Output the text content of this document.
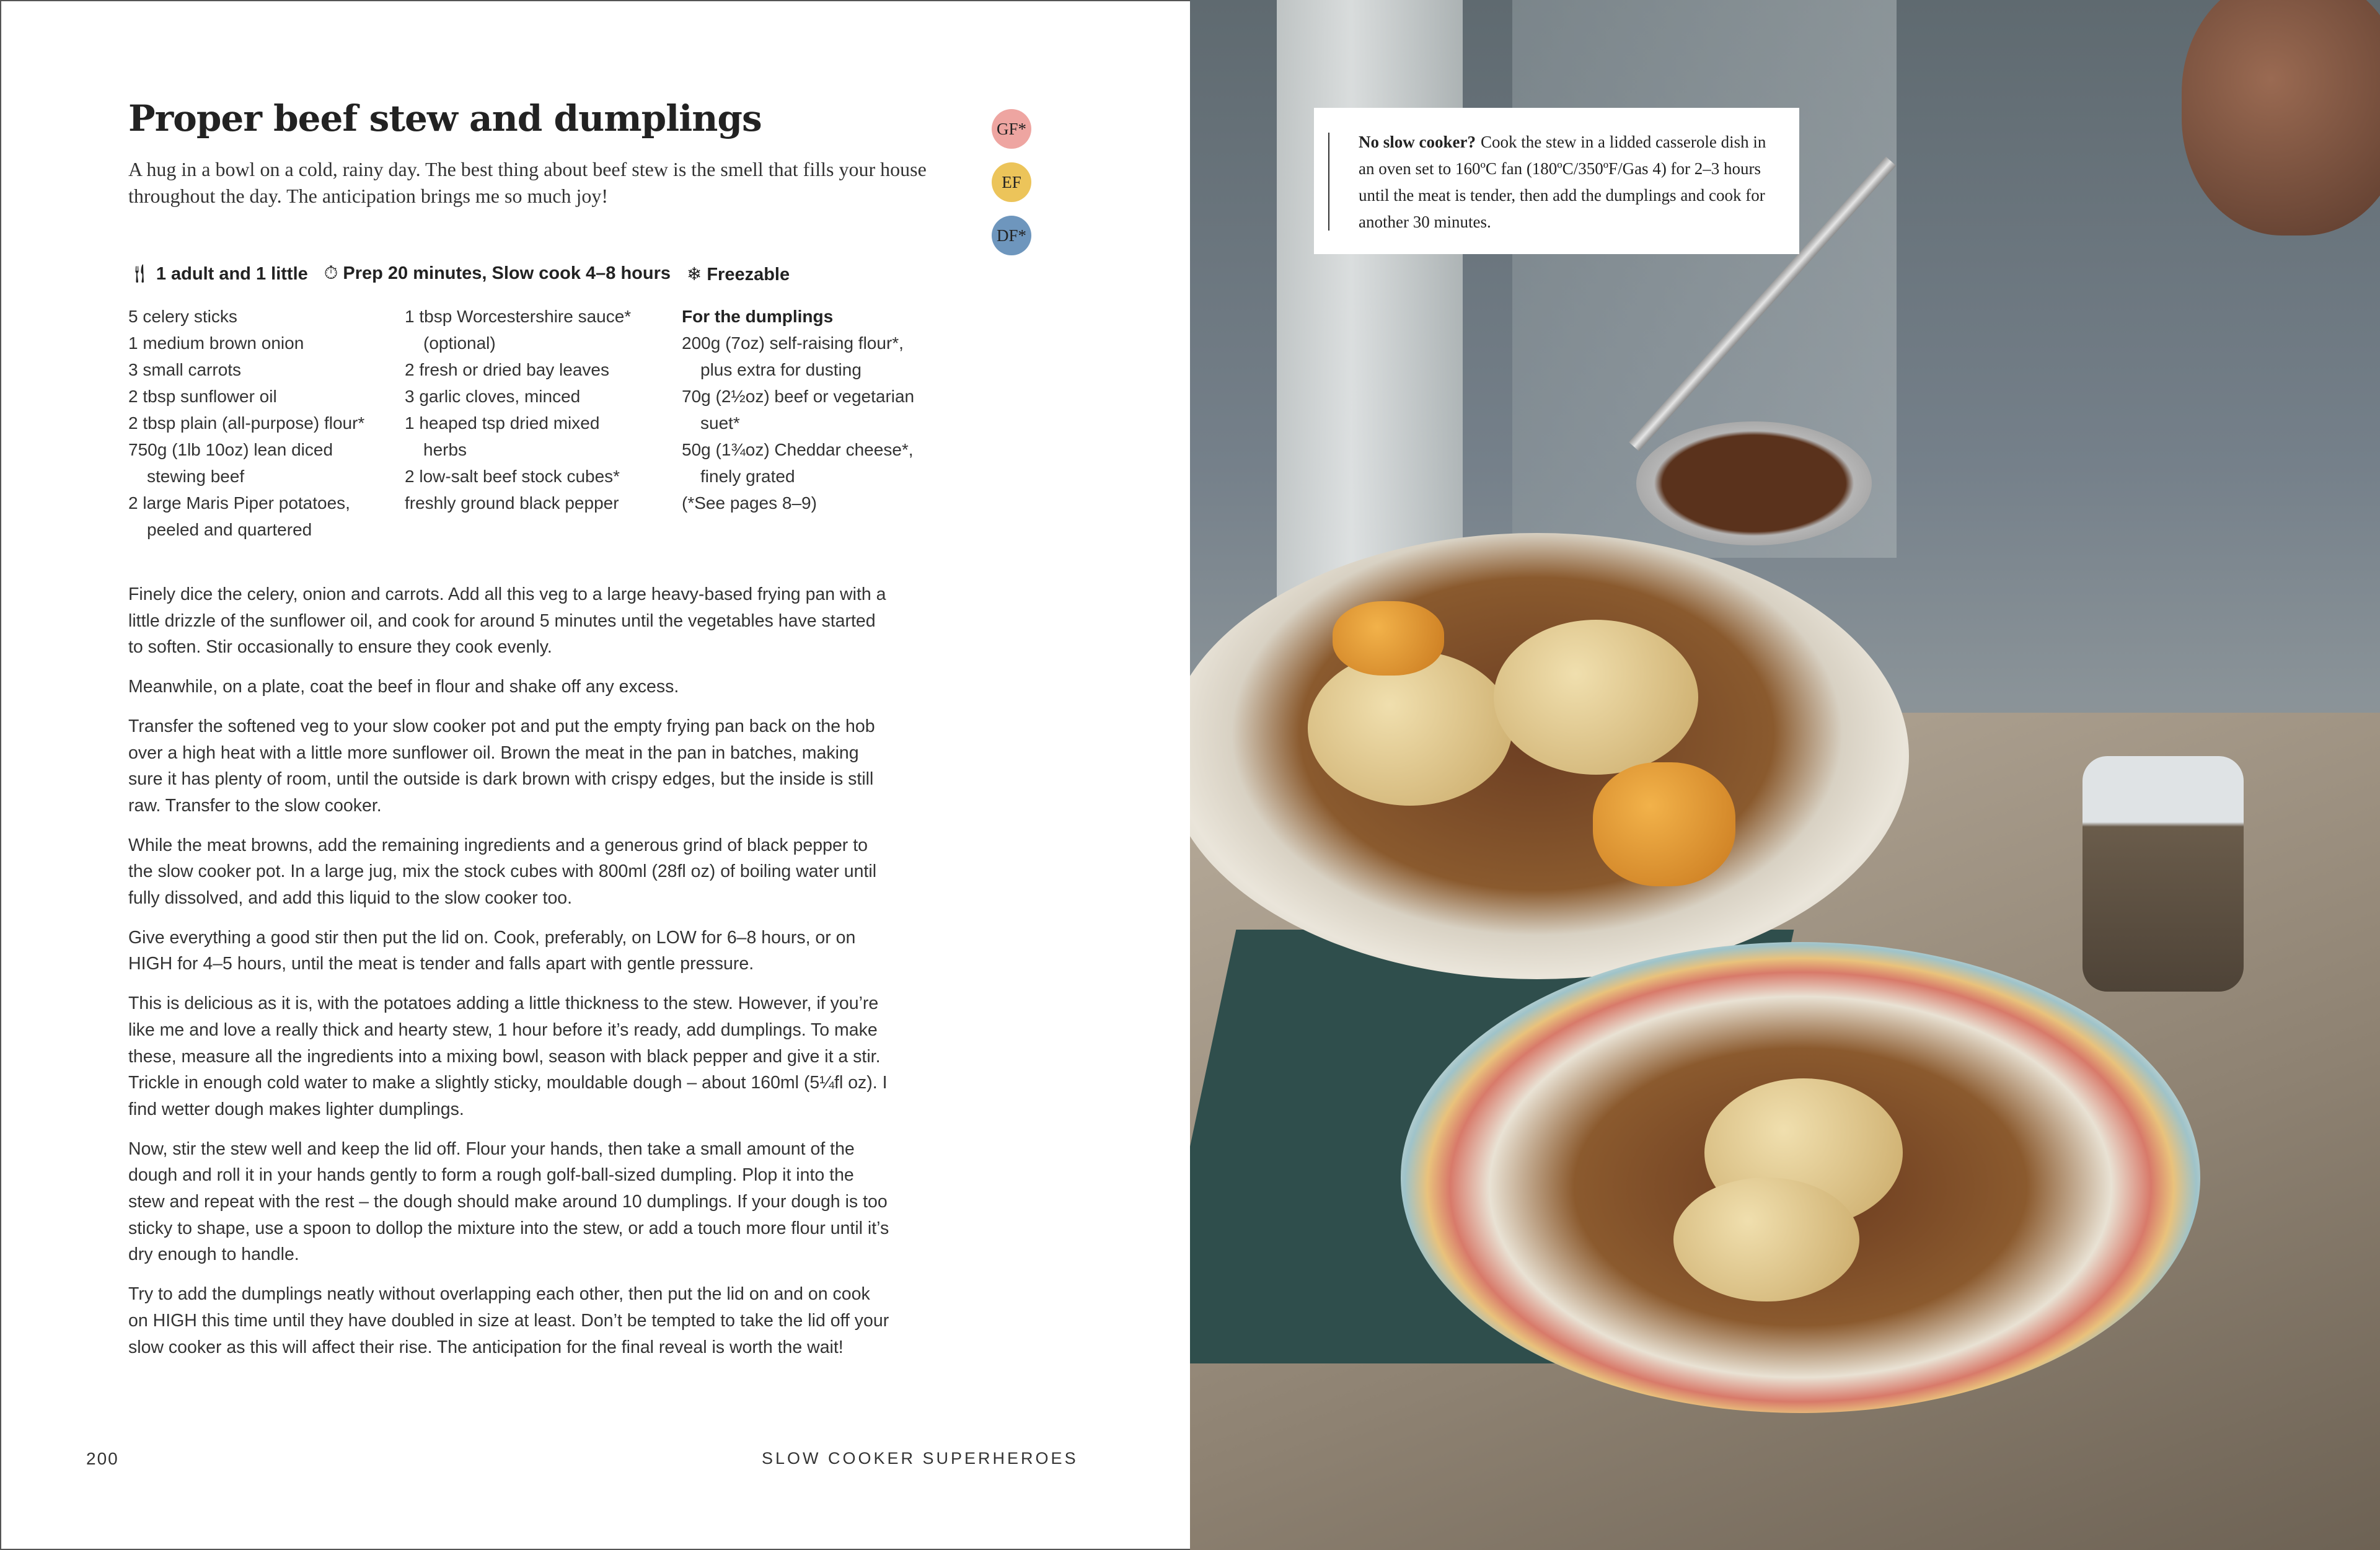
Proper beef stew and dumplings

A hug in a bowl on a cold, rainy day. The best thing about beef stew is the smell that fills your house throughout the day. The anticipation brings me so much joy!

GF*
EF
DF*
🍴︎ 1 adult and 1 little ⏱︎ Prep 20 minutes, Slow cook 4–8 hours ❄︎ Freezable
5 celery sticks
1 medium brown onion
3 small carrots
2 tbsp sunflower oil
2 tbsp plain (all-purpose) flour*
750g (1lb 10oz) lean diced
stewing beef
2 large Maris Piper potatoes,
peeled and quartered
1 tbsp Worcestershire sauce*
(optional)
2 fresh or dried bay leaves
3 garlic cloves, minced
1 heaped tsp dried mixed
herbs
2 low-salt beef stock cubes*
freshly ground black pepper
For the dumplings
200g (7oz) self-raising flour*,
plus extra for dusting
70g (2½oz) beef or vegetarian
suet*
50g (1¾oz) Cheddar cheese*,
finely grated
(*See pages 8–9)

Finely dice the celery, onion and carrots. Add all this veg to a large heavy-based frying pan with a little drizzle of the sunflower oil, and cook for around 5 minutes until the vegetables have started to soften. Stir occasionally to ensure they cook evenly.

Meanwhile, on a plate, coat the beef in flour and shake off any excess.

Transfer the softened veg to your slow cooker pot and put the empty frying pan back on the hob over a high heat with a little more sunflower oil. Brown the meat in the pan in batches, making sure it has plenty of room, until the outside is dark brown with crispy edges, but the inside is still raw. Transfer to the slow cooker.

While the meat browns, add the remaining ingredients and a generous grind of black pepper to the slow cooker pot. In a large jug, mix the stock cubes with 800ml (28fl oz) of boiling water until fully dissolved, and add this liquid to the slow cooker too.

Give everything a good stir then put the lid on. Cook, preferably, on LOW for 6–8 hours, or on HIGH for 4–5 hours, until the meat is tender and falls apart with gentle pressure.

This is delicious as it is, with the potatoes adding a little thickness to the stew. However, if you’re like me and love a really thick and hearty stew, 1 hour before it’s ready, add dumplings. To make these, measure all the ingredients into a mixing bowl, season with black pepper and give it a stir. Trickle in enough cold water to make a slightly sticky, mouldable dough – about 160ml (5¼fl oz). I find wetter dough makes lighter dumplings.

Now, stir the stew well and keep the lid off. Flour your hands, then take a small amount of the dough and roll it in your hands gently to form a rough golf-ball-sized dumpling. Plop it into the stew and repeat with the rest – the dough should make around 10 dumplings. If your dough is too sticky to shape, use a spoon to dollop the mixture into the stew, or add a touch more flour until it’s dry enough to handle.

Try to add the dumplings neatly without overlapping each other, then put the lid on and on cook on HIGH this time until they have doubled in size at least. Don’t be tempted to take the lid off your slow cooker as this will affect their rise. The anticipation for the final reveal is worth the wait!

200	SLOW COOKER SUPERHEROES
No slow cooker? Cook the stew in a lidded casserole dish in an oven set to 160ºC fan (180ºC/350ºF/Gas 4) for 2–3 hours until the meat is tender, then add the dumplings and cook for another 30 minutes.
